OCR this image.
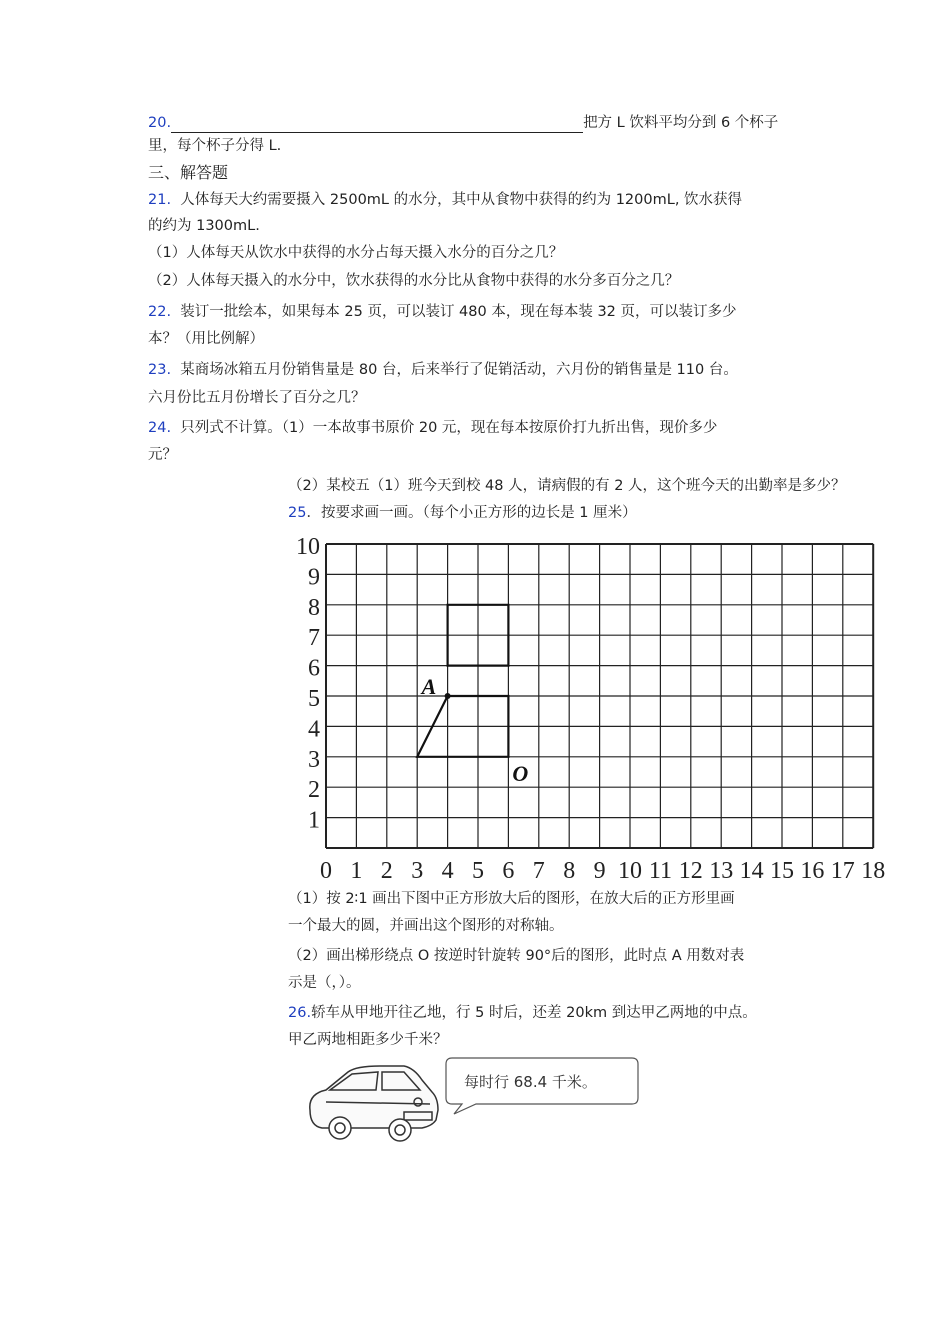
20.	把方 L 饮料平均分到 6 个杯子
里，每个杯子分得 L.
三、解答题
21. 人体每天大约需要摄入 2500mL 的水分，其中从食物中获得的约为 1200mL, 饮水获得
的约为 1300mL.
（1）人体每天从饮水中获得的水分占每天摄入水分的百分之几？
（2）人体每天摄入的水分中，饮水获得的水分比从食物中获得的水分多百分之几？
22. 装订一批绘本，如果每本 25 页，可以装订 480 本，现在每本装 32 页，可以装订多少
本？（用比例解）
23. 某商场冰箱五月份销售量是 80 台，后来举行了促销活动，六月份的销售量是 110 台。
六月份比五月份增长了百分之几？
24. 只列式不计算。（1）一本故事书原价 20 元，现在每本按原价打九折出售，现价多少
元？
（2）某校五（1）班今天到校 48 人，请病假的有 2 人，这个班今天的出勤率是多少？
25．按要求画一画。（每个小正方形的边长是 1 厘米）
0 1 2 3 4 5 6 7 8 9 10 11 12 13 14 15 16 17 18
1
2
3
4
5
6
7
8
9
10
A
O
（1）按 2∶1 画出下图中正方形放大后的图形，在放大后的正方形里画
一个最大的圆，并画出这个图形的对称轴。
（2）画出梯形绕点 O 按逆时针旋转 90°后的图形，此时点 A 用数对表
示是（，）。
26.轿车从甲地开往乙地，行 5 时后，还差 20km 到达甲乙两地的中点。
甲乙两地相距多少千米？
每时行 68.4 千米。
